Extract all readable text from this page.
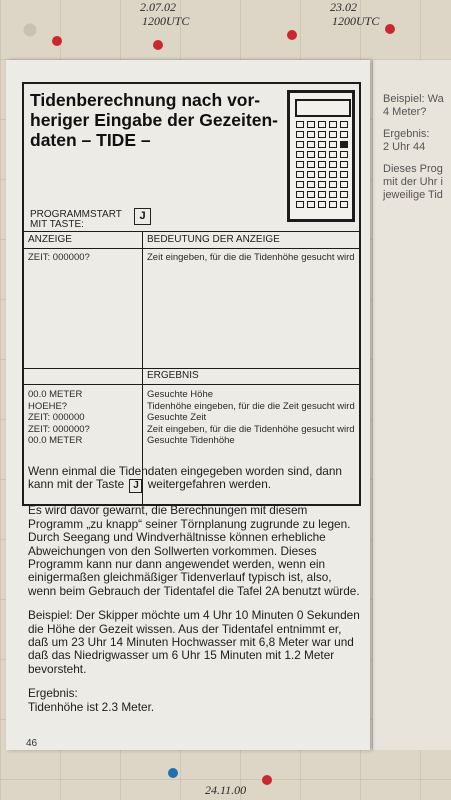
2.07.02
1200UTC
23.02
1200UTC
24.11.00
Beispiel: Wa
4 Meter?
Ergebnis:
2 Uhr 44
Dieses Prog
mit der Uhr i
jeweilige Tid
Tidenberechnung nach vor-
heriger Eingabe der Gezeiten-
daten – TIDE –
PROGRAMMSTART
MIT TASTE:
J
ANZEIGE	BEDEUTUNG DER ANZEIGE
ZEIT: 000000?	Zeit eingeben, für die die Tidenhöhe gesucht wird
ERGEBNIS
00.0 METER
HOEHE?
ZEIT: 000000
ZEIT: 000000?
00.0 METER
Gesuchte Höhe
Tidenhöhe eingeben, für die die Zeit gesucht wird
Gesuchte Zeit
Zeit eingeben, für die die Tidenhöhe gesucht wird
Gesuchte Tidenhöhe

Wenn einmal die Tidendaten eingegeben worden sind, dann kann mit der Taste J weitergefahren werden.

Es wird davor gewarnt, die Berechnungen mit diesem Programm „zu knapp“ seiner Törnplanung zugrunde zu legen. Durch Seegang und Windverhältnisse können erhebliche Abweichungen von den Sollwerten vorkommen. Dieses Programm kann nur dann angewendet werden, wenn ein einigermaßen gleichmäßiger Tidenverlauf typisch ist, also, wenn beim Gebrauch der Tidentafel die Tafel 2A benutzt würde.

Beispiel: Der Skipper möchte um 4 Uhr 10 Minuten 0 Sekunden die Höhe der Gezeit wissen. Aus der Tidentafel entnimmt er, daß um 23 Uhr 14 Minuten Hochwasser mit 6,8 Meter war und daß das Niedrigwasser um 6 Uhr 15 Minuten mit 1.2 Meter bevorsteht.

Ergebnis:
Tidenhöhe ist 2.3 Meter.

46
